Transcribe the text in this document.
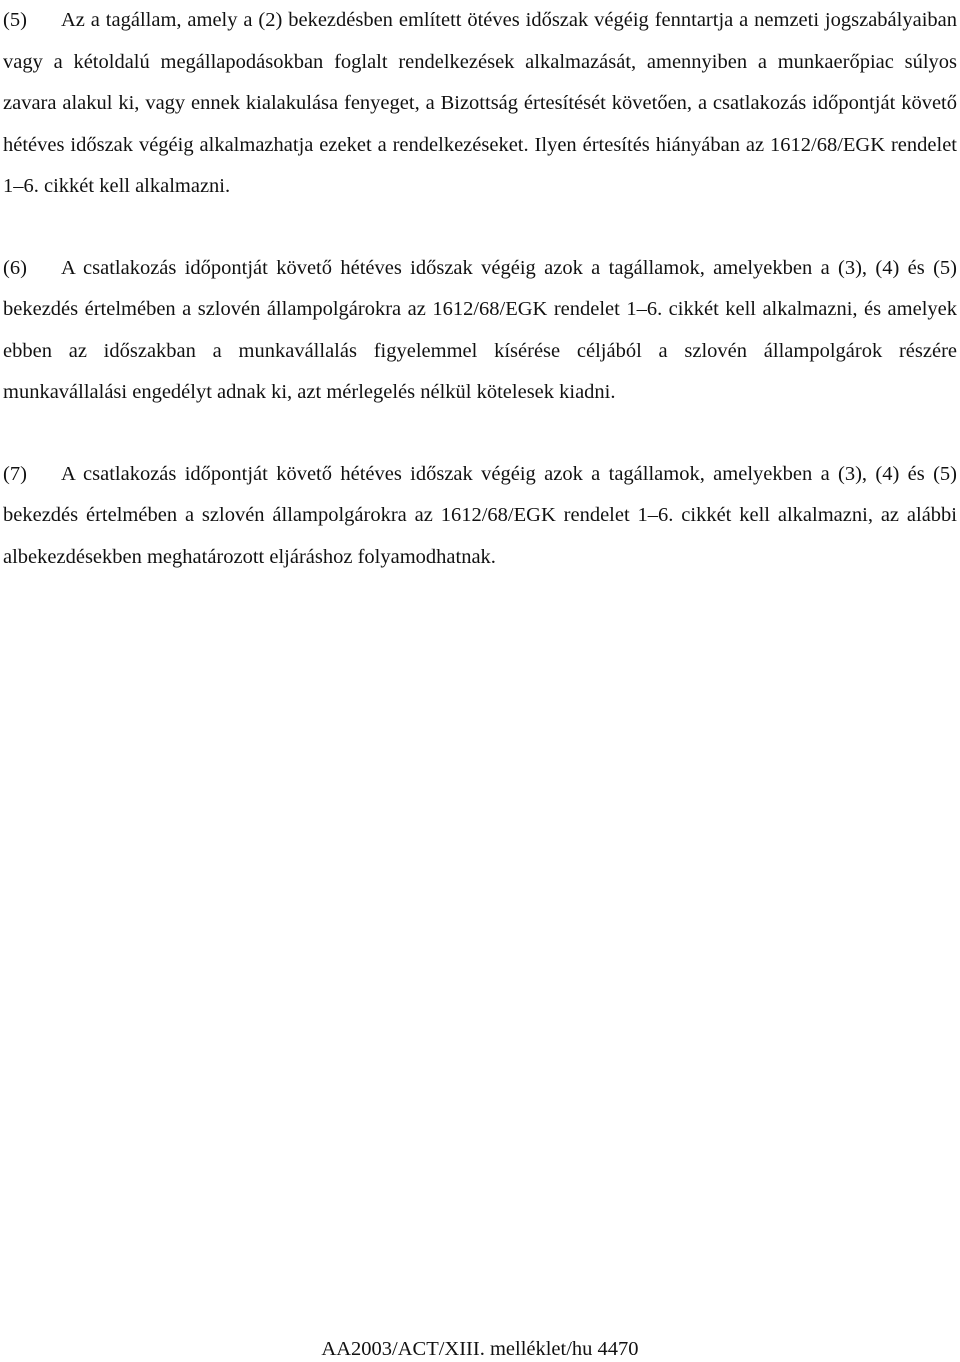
(5) Az a tagállam, amely a (2) bekezdésben említett ötéves időszak végéig fenntartja a nemzeti jogszabályaiban vagy a kétoldalú megállapodásokban foglalt rendelkezések alkalmazását, amennyiben a munkaerőpiac súlyos zavara alakul ki, vagy ennek kialakulása fenyeget, a Bizottság értesítését követően, a csatlakozás időpontját követő hétéves időszak végéig alkalmazhatja ezeket a rendelkezéseket. Ilyen értesítés hiányában az 1612/68/EGK rendelet 1–6. cikkét kell alkalmazni.

(6) A csatlakozás időpontját követő hétéves időszak végéig azok a tagállamok, amelyekben a (3), (4) és (5) bekezdés értelmében a szlovén állampolgárokra az 1612/68/EGK rendelet 1–6. cikkét kell alkalmazni, és amelyek ebben az időszakban a munkavállalás figyelemmel kísérése céljából a szlovén állampolgárok részére munkavállalási engedélyt adnak ki, azt mérlegelés nélkül kötelesek kiadni.

(7) A csatlakozás időpontját követő hétéves időszak végéig azok a tagállamok, amelyekben a (3), (4) és (5) bekezdés értelmében a szlovén állampolgárokra az 1612/68/EGK rendelet 1–6. cikkét kell alkalmazni, az alábbi albekezdésekben meghatározott eljáráshoz folyamodhatnak.

AA2003/ACT/XIII. melléklet/hu 4470
